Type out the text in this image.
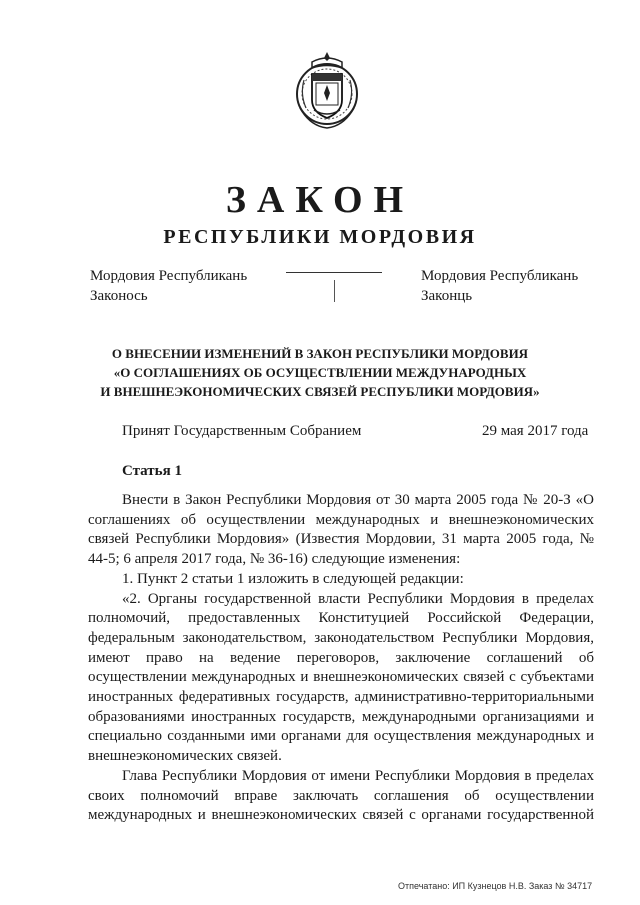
ЗАКОН
РЕСПУБЛИКИ МОРДОВИЯ
Мордовия Республикань
Законось
Мордовия Республикань
Законць
О ВНЕСЕНИИ ИЗМЕНЕНИЙ В ЗАКОН РЕСПУБЛИКИ МОРДОВИЯ
«О СОГЛАШЕНИЯХ ОБ ОСУЩЕСТВЛЕНИИ МЕЖДУНАРОДНЫХ
И ВНЕШНЕЭКОНОМИЧЕСКИХ СВЯЗЕЙ РЕСПУБЛИКИ МОРДОВИЯ»
Принят Государственным Собранием	29 мая 2017 года
Статья 1

Внести в Закон Республики Мордовия от 30 марта 2005 года № 20-З «О соглашениях об осуществлении международных и внешнеэкономических связей Республики Мордовия» (Известия Мордовии, 31 марта 2005 года, № 44-5; 6 апреля 2017 года, № 36-16) следующие изменения:

1. Пункт 2 статьи 1 изложить в следующей редакции:

«2. Органы государственной власти Республики Мордовия в пределах полномочий, предоставленных Конституцией Российской Федерации, федеральным законодательством, законодательством Республики Мордовия, имеют право на ведение переговоров, заключение соглашений об осуществлении международных и внешнеэкономических связей с субъектами иностранных федеративных государств, административно-территориальными образованиями иностранных государств, международными организациями и специально созданными ими органами для осуществления международных и внешнеэкономических связей.

Глава Республики Мордовия от имени Республики Мордовия в пределах своих полномочий вправе заключать соглашения об осуществлении международных и внешнеэкономических связей с органами государственной

Отпечатано: ИП Кузнецов Н.В. Заказ № 34717
